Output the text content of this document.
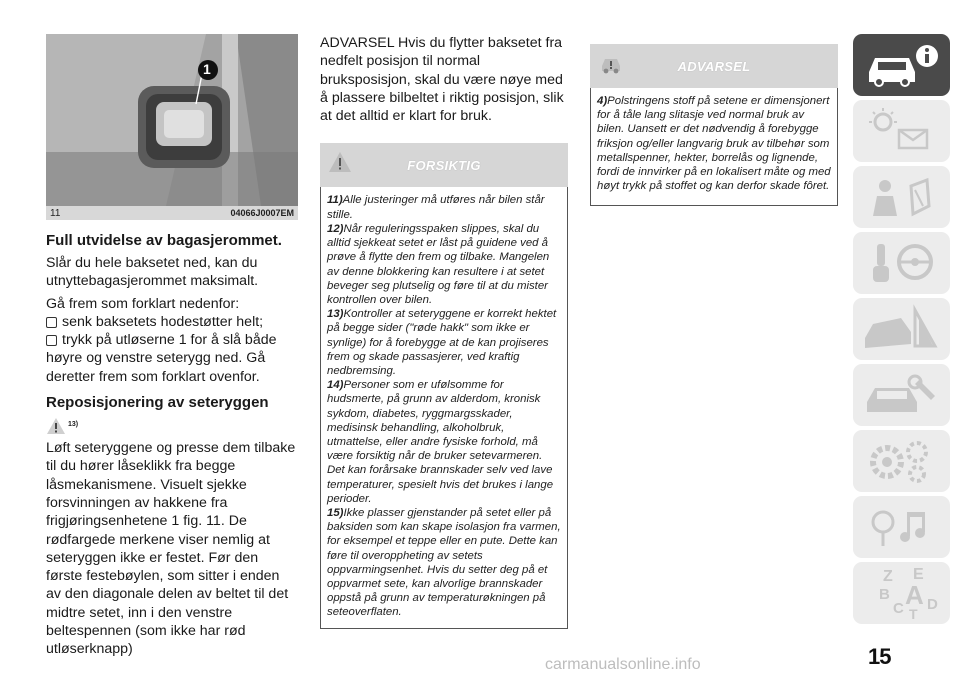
1
11	04066J0007EM
Full utvidelse av bagasjerommet.

Slår du hele baksetet ned, kan du utnyttebagasjerommet maksimalt.

Gå frem som forklart nedenfor:

senk baksetets hodestøtter helt;
trykk på utløserne 1 for å slå både

høyre og venstre seterygg ned. Gå deretter frem som forklart ovenfor.

Reposisjonering av seteryggen
13)

Løft seteryggene og presse dem tilbake til du hører låseklikk fra begge låsmekanismene. Visuelt sjekke forsvinningen av hakkene fra frigjøringsenhetene 1 fig. 11. De rødfargede merkene viser nemlig at seteryggen ikke er festet. Før den første festebøylen, som sitter i enden av den diagonale delen av beltet til det midtre setet, inn i den venstre beltespennen (som ikke har rød utløserknapp)

ADVARSEL Hvis du flytter baksetet fra nedfelt posisjon til normal bruksposisjon, skal du være nøye med å plassere bilbeltet i riktig posisjon, slik at det alltid er klart for bruk.

FORSIKTIG
11)Alle justeringer må utføres når bilen står stille.
12)Når reguleringsspaken slippes, skal du alltid sjekkeat setet er låst på guidene ved å prøve å flytte den frem og tilbake. Mangelen av denne blokkering kan resultere i at setet beveger seg plutselig og føre til at du mister kontrollen over bilen.
13)Kontroller at seteryggene er korrekt hektet på begge sider ("røde hakk" som ikke er synlige) for å forebygge at de kan projiseres frem og skade passasjerer, ved kraftig nedbremsing.
14)Personer som er ufølsomme for hudsmerte, på grunn av alderdom, kronisk sykdom, diabetes, ryggmargsskader, medisinsk behandling, alkoholbruk, utmattelse, eller andre fysiske forhold, må være forsiktig når de bruker setevarmeren. Det kan forårsake brannskader selv ved lave temperaturer, spesielt hvis det brukes i lange perioder.
15)Ikke plasser gjenstander på setet eller på baksiden som kan skape isolasjon fra varmen, for eksempel et teppe eller en pute. Dette kan føre til overoppheting av setets oppvarmingsenhet. Hvis du setter deg på et oppvarmet sete, kan alvorlige brannskader oppstå på grunn av temperaturøkningen på seteoverflaten.
ADVARSEL
4)Polstringens stoff på setene er dimensjonert for å tåle lang slitasje ved normal bruk av bilen. Uansett er det nødvendig å forebygge friksjon og/eller langvarig bruk av tilbehør som metallspenner, hekter, borrelås og lignende, fordi de innvirker på en lokalisert måte og med høyt trykk på stoffet og kan derfor skade fôret.
Z E
B A
C D
T
15
carmanualsonline.info
